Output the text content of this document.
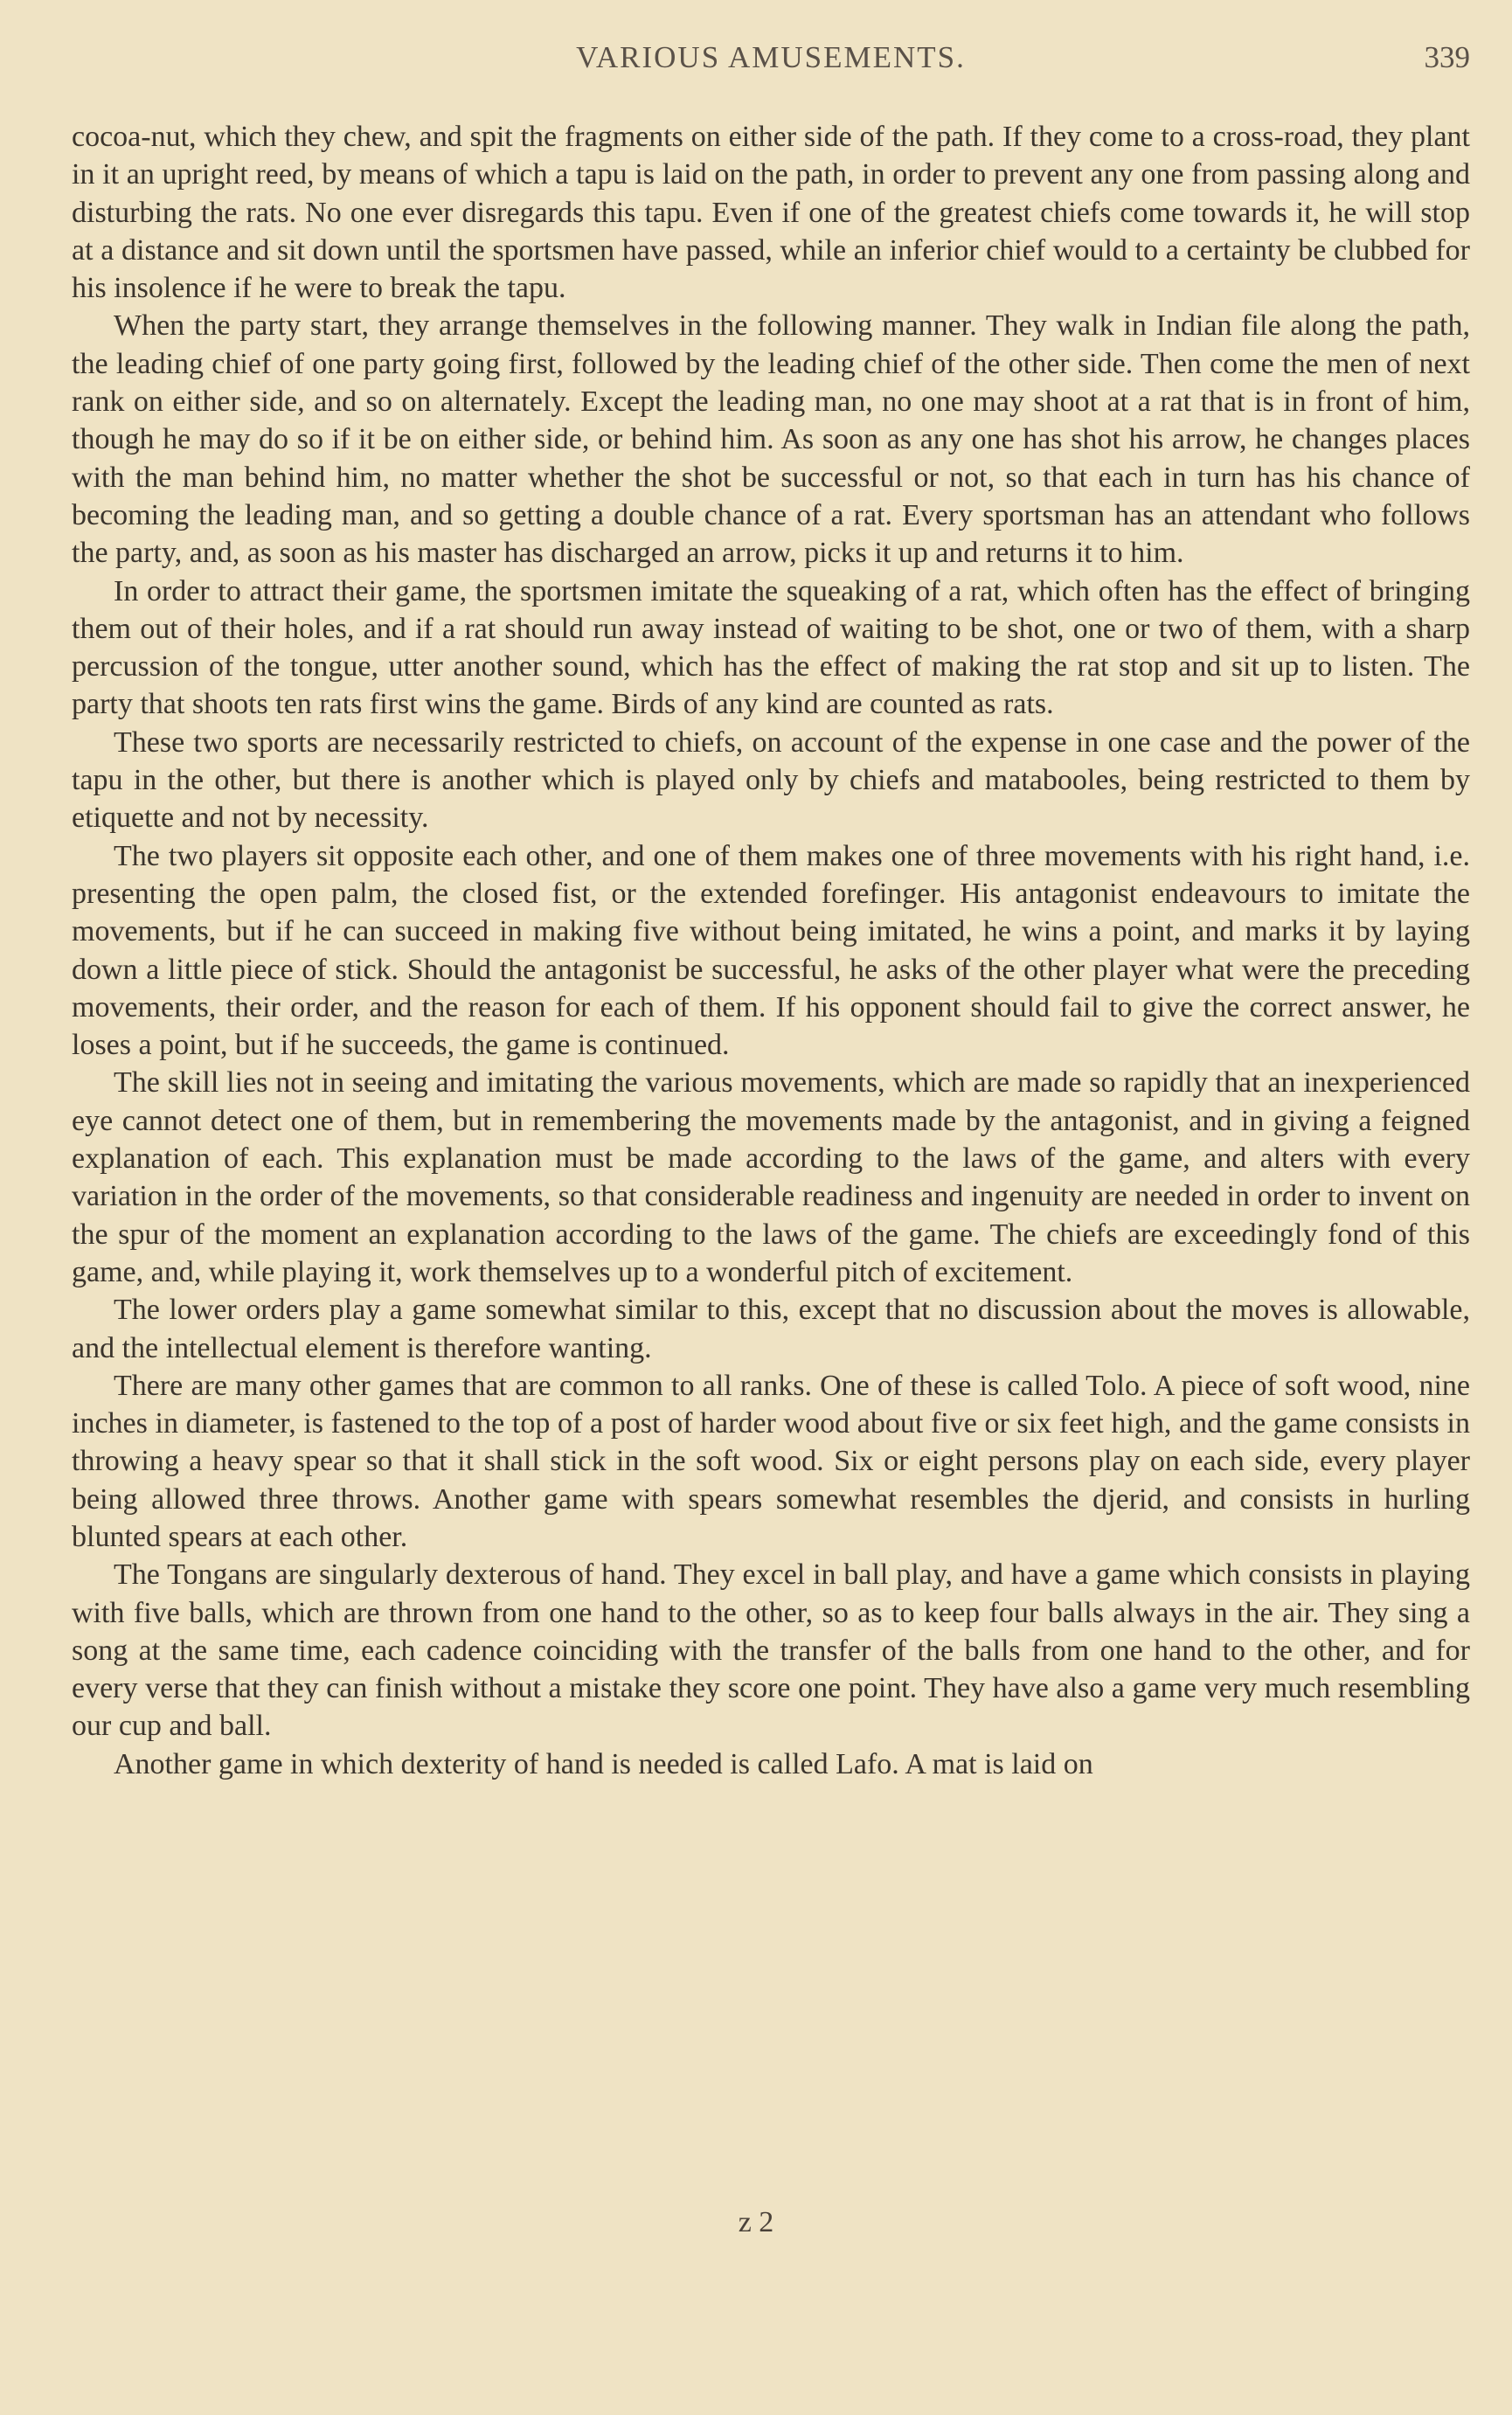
VARIOUS AMUSEMENTS.	339

cocoa-nut, which they chew, and spit the fragments on either side of the path. If they come to a cross-road, they plant in it an upright reed, by means of which a tapu is laid on the path, in order to prevent any one from passing along and disturbing the rats. No one ever disregards this tapu. Even if one of the greatest chiefs come towards it, he will stop at a distance and sit down until the sportsmen have passed, while an inferior chief would to a certainty be clubbed for his insolence if he were to break the tapu.

When the party start, they arrange themselves in the following manner. They walk in Indian file along the path, the leading chief of one party going first, followed by the leading chief of the other side. Then come the men of next rank on either side, and so on alternately. Except the leading man, no one may shoot at a rat that is in front of him, though he may do so if it be on either side, or behind him. As soon as any one has shot his arrow, he changes places with the man behind him, no matter whether the shot be successful or not, so that each in turn has his chance of becoming the leading man, and so getting a double chance of a rat. Every sportsman has an attendant who follows the party, and, as soon as his master has discharged an arrow, picks it up and returns it to him.

In order to attract their game, the sportsmen imitate the squeaking of a rat, which often has the effect of bringing them out of their holes, and if a rat should run away instead of waiting to be shot, one or two of them, with a sharp percussion of the tongue, utter another sound, which has the effect of making the rat stop and sit up to listen. The party that shoots ten rats first wins the game. Birds of any kind are counted as rats.

These two sports are necessarily restricted to chiefs, on account of the expense in one case and the power of the tapu in the other, but there is another which is played only by chiefs and matabooles, being restricted to them by etiquette and not by necessity.

The two players sit opposite each other, and one of them makes one of three movements with his right hand, i.e. presenting the open palm, the closed fist, or the extended forefinger. His antagonist endeavours to imitate the movements, but if he can succeed in making five without being imitated, he wins a point, and marks it by laying down a little piece of stick. Should the antagonist be successful, he asks of the other player what were the preceding movements, their order, and the reason for each of them. If his opponent should fail to give the correct answer, he loses a point, but if he succeeds, the game is continued.

The skill lies not in seeing and imitating the various movements, which are made so rapidly that an inexperienced eye cannot detect one of them, but in remembering the movements made by the antagonist, and in giving a feigned explanation of each. This explanation must be made according to the laws of the game, and alters with every variation in the order of the movements, so that considerable readiness and ingenuity are needed in order to invent on the spur of the moment an explanation according to the laws of the game. The chiefs are exceedingly fond of this game, and, while playing it, work themselves up to a wonderful pitch of excitement.

The lower orders play a game somewhat similar to this, except that no discussion about the moves is allowable, and the intellectual element is therefore wanting.

There are many other games that are common to all ranks. One of these is called Tolo. A piece of soft wood, nine inches in diameter, is fastened to the top of a post of harder wood about five or six feet high, and the game consists in throwing a heavy spear so that it shall stick in the soft wood. Six or eight persons play on each side, every player being allowed three throws. Another game with spears somewhat resembles the djerid, and consists in hurling blunted spears at each other.

The Tongans are singularly dexterous of hand. They excel in ball play, and have a game which consists in playing with five balls, which are thrown from one hand to the other, so as to keep four balls always in the air. They sing a song at the same time, each cadence coinciding with the transfer of the balls from one hand to the other, and for every verse that they can finish without a mistake they score one point. They have also a game very much resembling our cup and ball.

Another game in which dexterity of hand is needed is called Lafo. A mat is laid on

z 2
